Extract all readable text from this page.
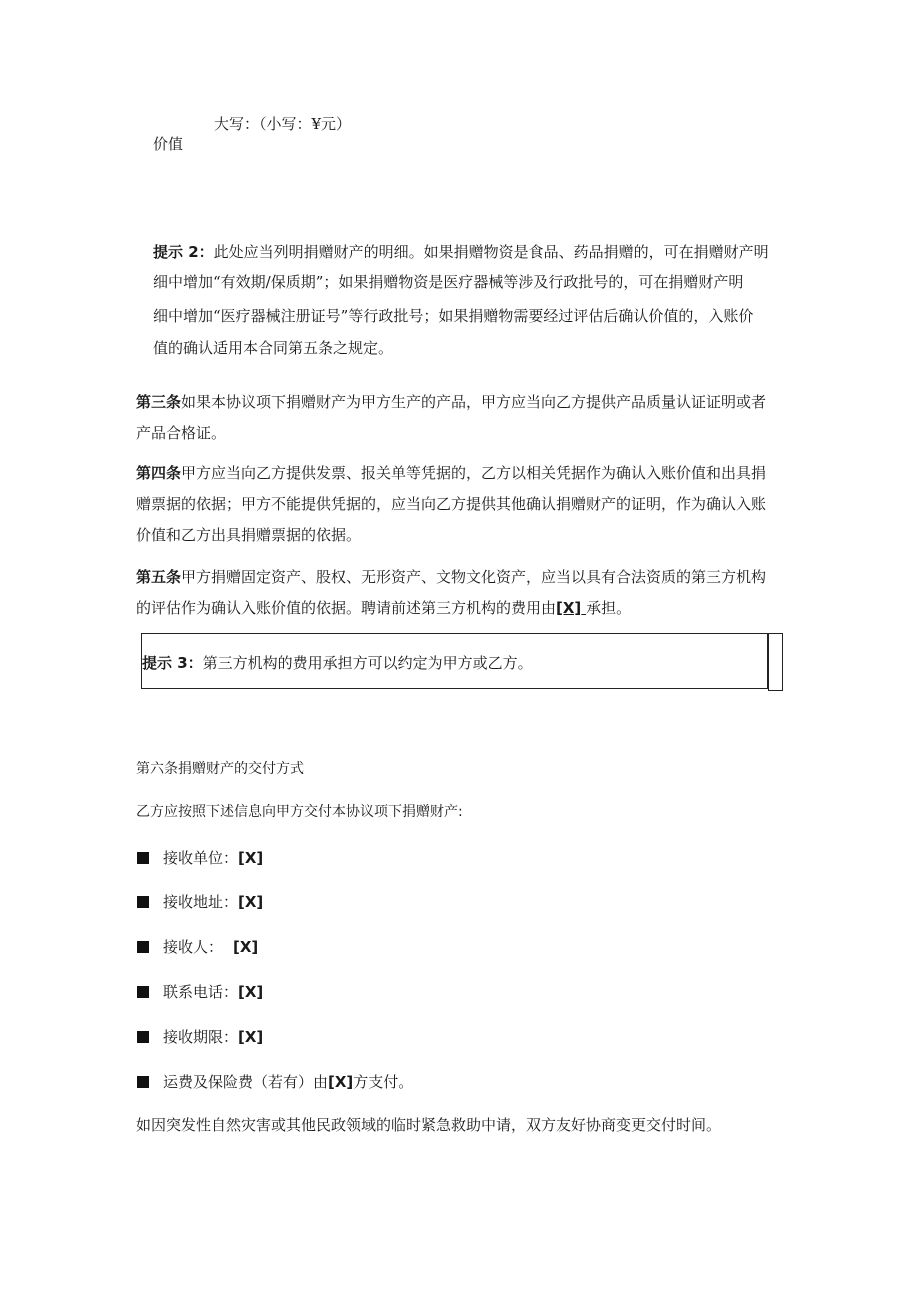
大写：（小写：¥元）
价值
提示 2：此处应当列明捐赠财产的明细。如果捐赠物资是食品、药品捐赠的，可在捐赠财产明
细中增加“有效期/保质期”；如果捐赠物资是医疗器械等涉及行政批号的，可在捐赠财产明
细中增加“医疗器械注册证号”等行政批号；如果捐赠物需要经过评估后确认价值的，入账价
值的确认适用本合同第五条之规定。
第三条如果本协议项下捐赠财产为甲方生产的产品，甲方应当向乙方提供产品质量认证证明或者
产品合格证。
第四条甲方应当向乙方提供发票、报关单等凭据的，乙方以相关凭据作为确认入账价值和出具捐
赠票据的依据；甲方不能提供凭据的，应当向乙方提供其他确认捐赠财产的证明，作为确认入账
价值和乙方出具捐赠票据的依据。
第五条甲方捐赠固定资产、股权、无形资产、文物文化资产，应当以具有合法资质的第三方机构
的评估作为确认入账价值的依据。聘请前述第三方机构的费用由[X] 承担。
提示 3：第三方机构的费用承担方可以约定为甲方或乙方。
第六条捐赠财产的交付方式
乙方应按照下述信息向甲方交付本协议项下捐赠财产:
接收单位：[X]
接收地址：[X]
接收人： [X]
联系电话：[X]
接收期限：[X]
运费及保险费（若有）由[X]方支付。
如因突发性自然灾害或其他民政领域的临时紧急救助中请，双方友好协商变更交付时间。
